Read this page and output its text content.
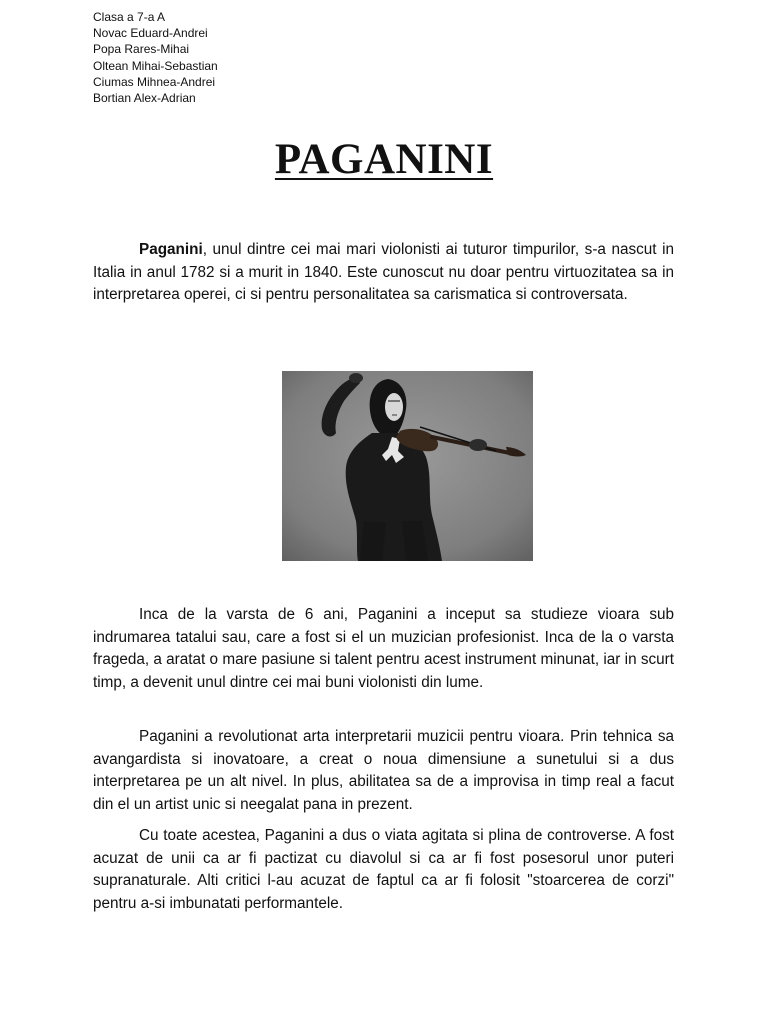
Clasa a 7-a A
Novac Eduard-Andrei
Popa Rares-Mihai
Oltean Mihai-Sebastian
Ciumas Mihnea-Andrei
Bortian Alex-Adrian
PAGANINI

Paganini, unul dintre cei mai mari violonisti ai tuturor timpurilor, s-a nascut in Italia in anul 1782 si a murit in 1840. Este cunoscut nu doar pentru virtuozitatea sa in interpretarea operei, ci si pentru personalitatea sa carismatica si controversata.

Inca de la varsta de 6 ani, Paganini a inceput sa studieze vioara sub indrumarea tatalui sau, care a fost si el un muzician profesionist. Inca de la o varsta frageda, a aratat o mare pasiune si talent pentru acest instrument minunat, iar in scurt timp, a devenit unul dintre cei mai buni violonisti din lume.

Paganini a revolutionat arta interpretarii muzicii pentru vioara. Prin tehnica sa avangardista si inovatoare, a creat o noua dimensiune a sunetului si a dus interpretarea pe un alt nivel. In plus, abilitatea sa de a improvisa in timp real a facut din el un artist unic si neegalat pana in prezent.

Cu toate acestea, Paganini a dus o viata agitata si plina de controverse. A fost acuzat de unii ca ar fi pactizat cu diavolul si ca ar fi fost posesorul unor puteri supranaturale. Alti critici l-au acuzat de faptul ca ar fi folosit "stoarcerea de corzi" pentru a-si imbunatati performantele.
